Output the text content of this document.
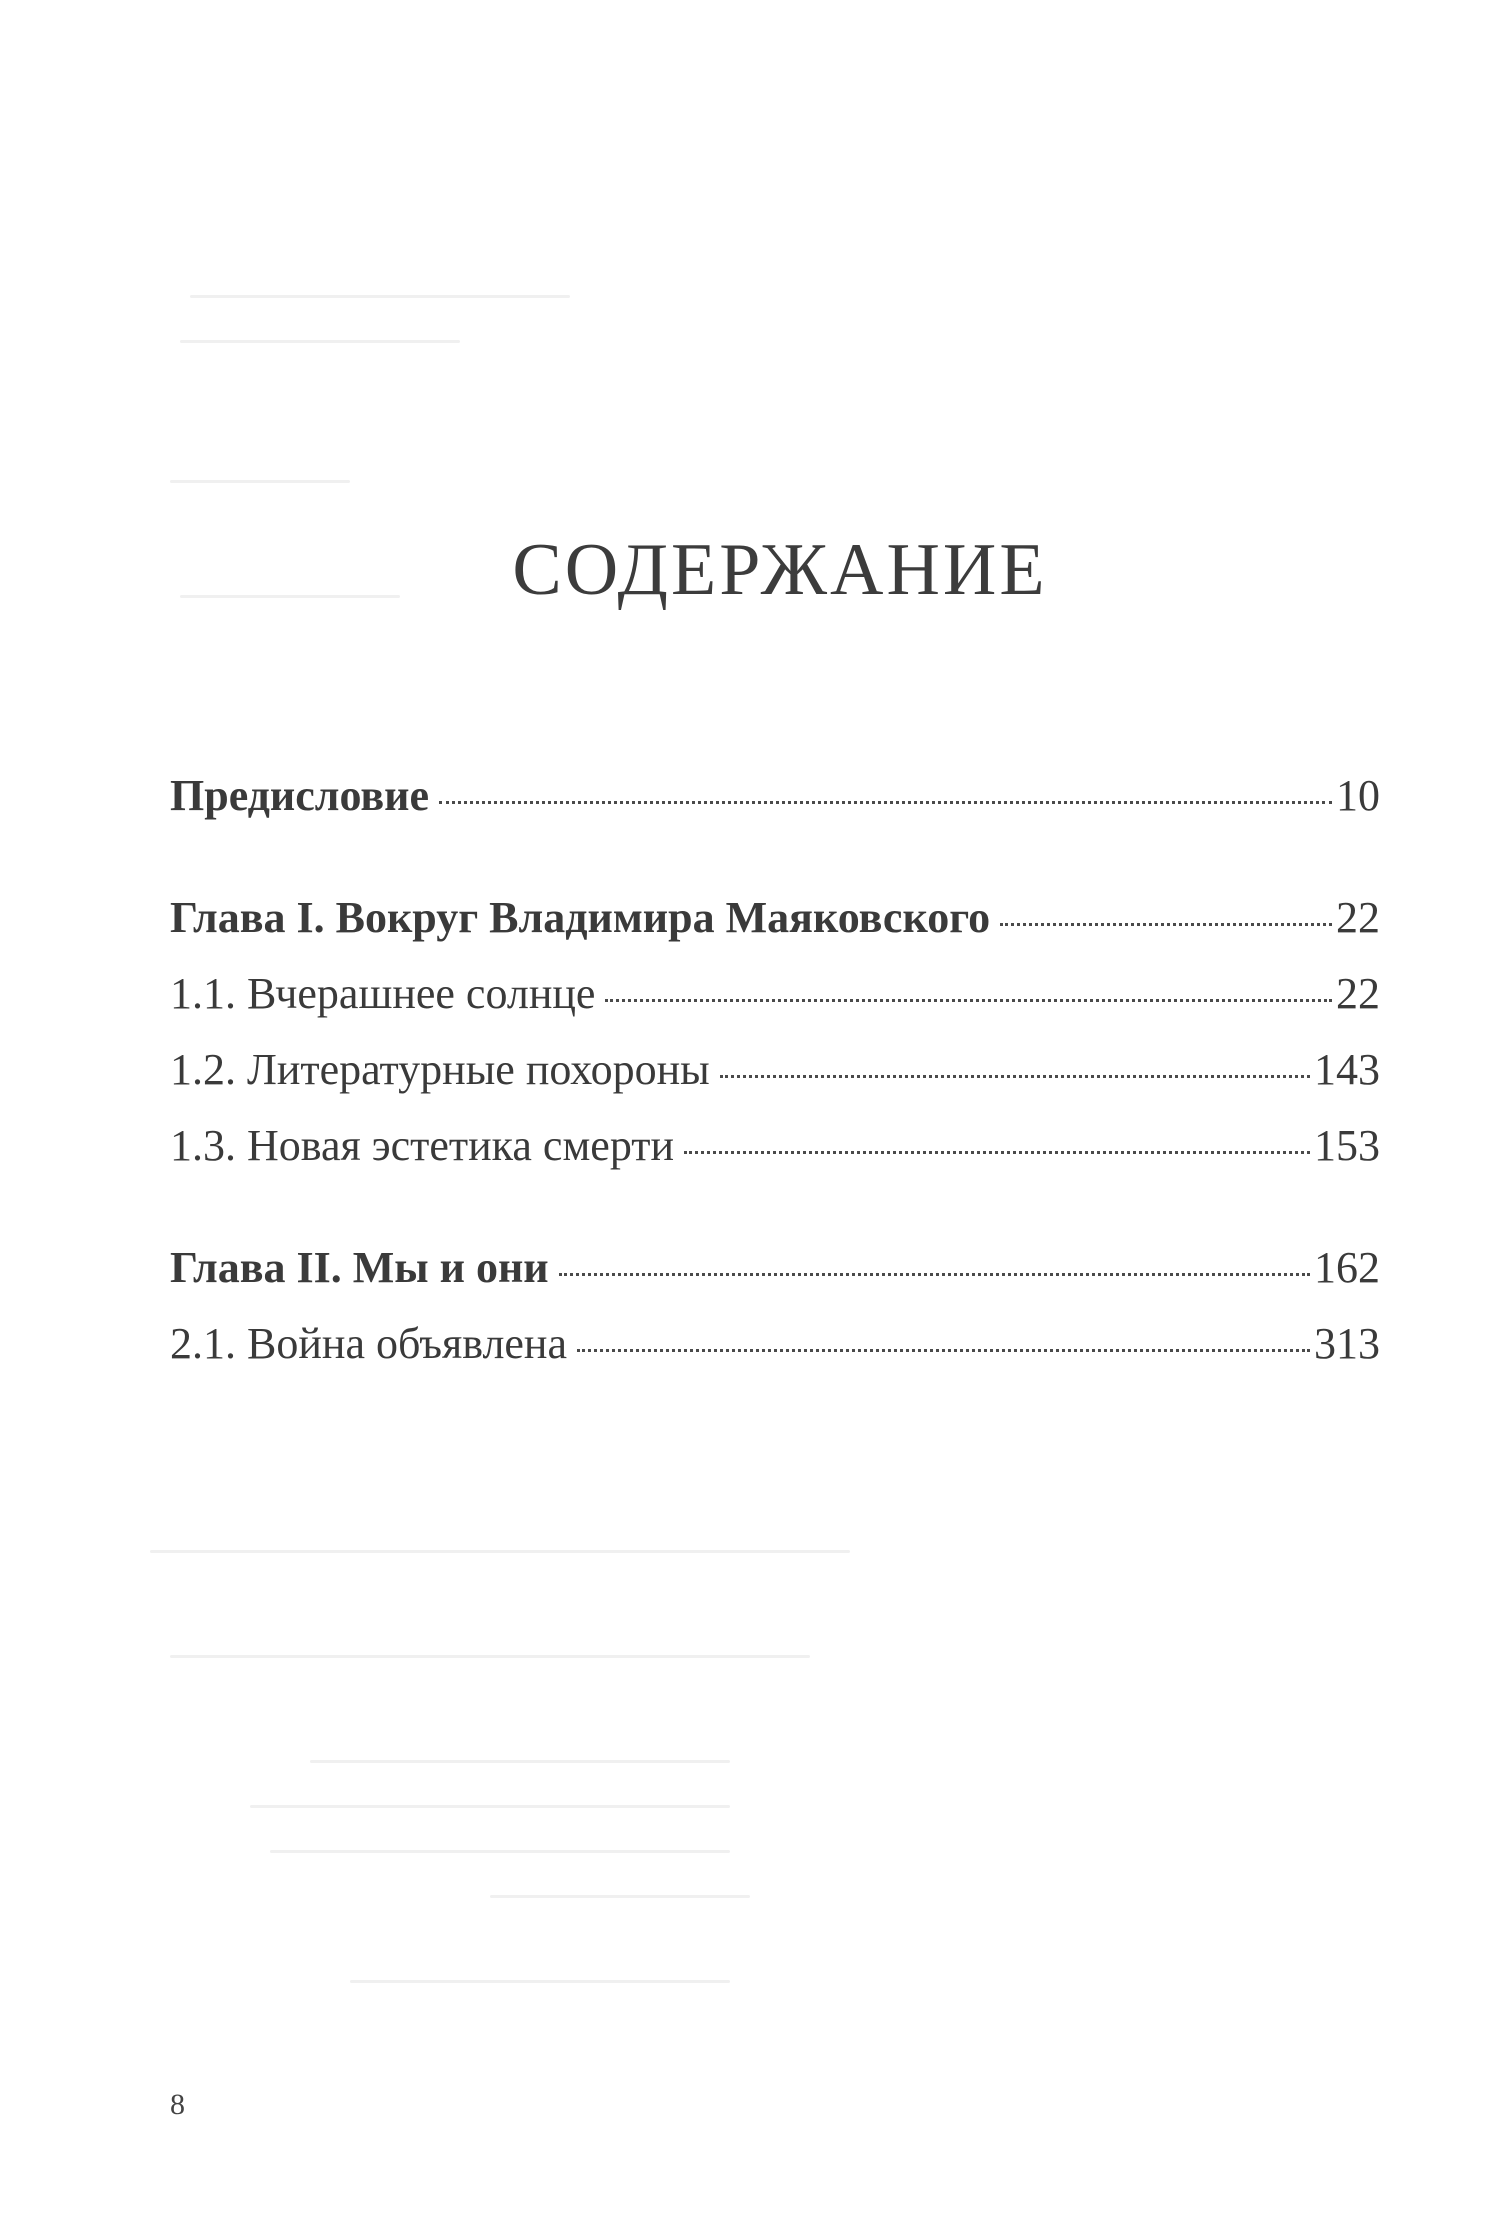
СОДЕРЖАНИЕ
Предисловие	10
Глава I. Вокруг Владимира Маяковского	22
1.1. Вчерашнее солнце	22
1.2. Литературные похороны	143
1.3. Новая эстетика смерти	153
Глава II. Мы и они	162
2.1. Война объявлена	313
8
